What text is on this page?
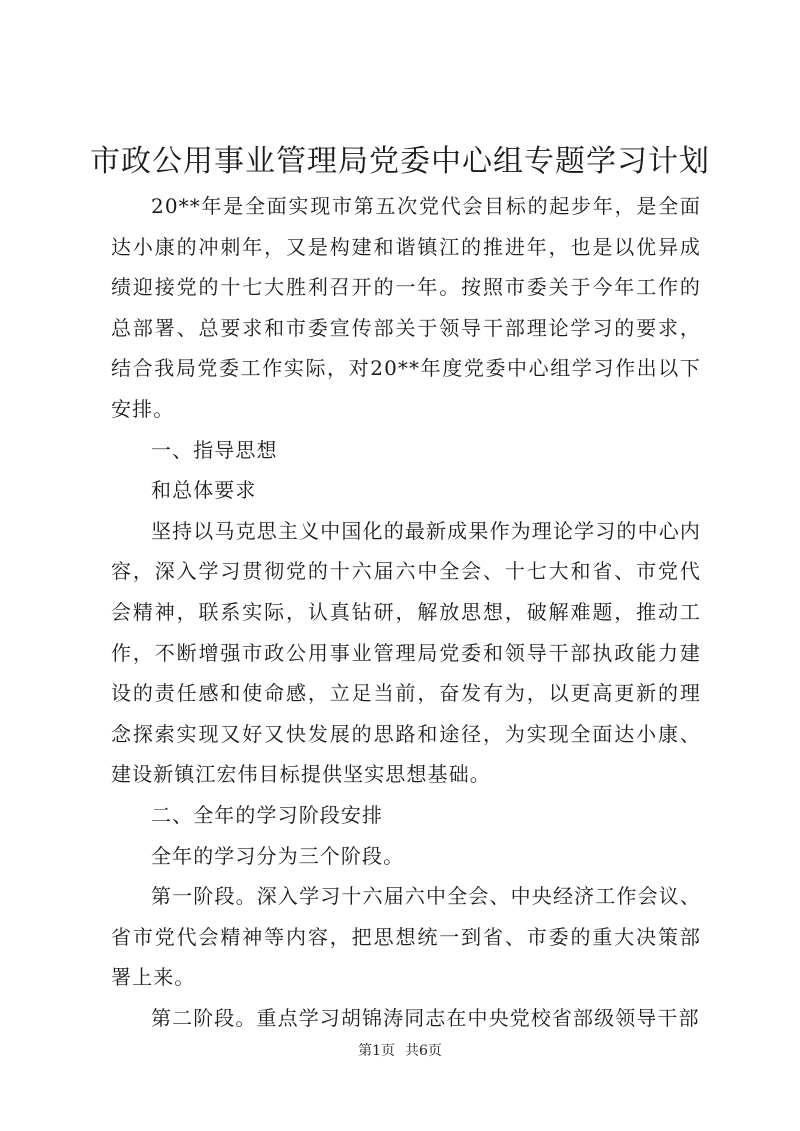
市政公用事业管理局党委中心组专题学习计划

20**年是全面实现市第五次党代会目标的起步年，是全面达小康的冲刺年，又是构建和谐镇江的推进年，也是以优异成绩迎接党的十七大胜利召开的一年。按照市委关于今年工作的总部署、总要求和市委宣传部关于领导干部理论学习的要求，结合我局党委工作实际，对20**年度党委中心组学习作出以下安排。

一、指导思想

和总体要求

坚持以马克思主义中国化的最新成果作为理论学习的中心内容，深入学习贯彻党的十六届六中全会、十七大和省、市党代会精神，联系实际，认真钻研，解放思想，破解难题，推动工作，不断增强市政公用事业管理局党委和领导干部执政能力建设的责任感和使命感，立足当前，奋发有为，以更高更新的理念探索实现又好又快发展的思路和途径，为实现全面达小康、建设新镇江宏伟目标提供坚实思想基础。

二、全年的学习阶段安排

全年的学习分为三个阶段。

第一阶段。深入学习十六届六中全会、中央经济工作会议、省市党代会精神等内容，把思想统一到省、市委的重大决策部署上来。

第二阶段。重点学习胡锦涛同志在中央党校省部级领导干部

第1页 共6页
